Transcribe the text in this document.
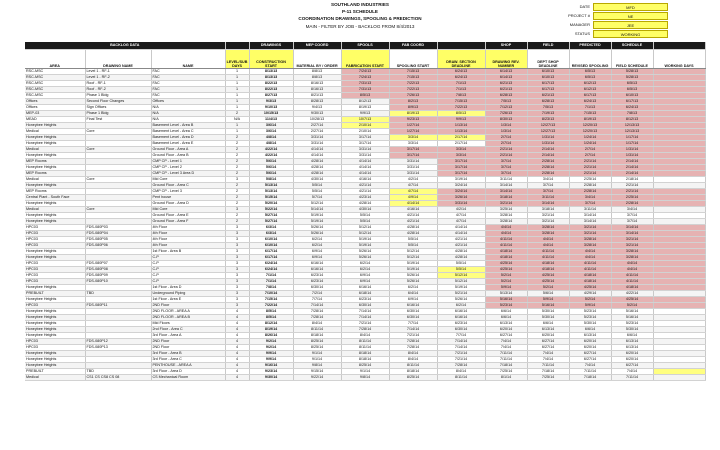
SOUTHLAND INDUSTRIES
P-11 SCHEDULE
COORDINATION DRAWINGS, SPOOLING & PREDICTION
MAIN - FILTER BY JOB - BACKLOG FROM 8/4/2013
DATE	MFD
PROJECT #	NE
MANAGER	JEE
STATUS	WORKING
BACKLOG DATA				DRAWINGS	MEP COORD	SPOOLS	FAB COORD		SHOP	FIELD	PREDICTED	SCHEDULE	
AREA	DRAWING NAME	NAME	LEVEL/SUB DAYS	CONSTRUCTION START	MATERIAL BY / ORDER	FABRICATION START	SPOOLING START	DRAW. SECTION DEADLINE	DRAWING REV. NUMBER	DEPT SHOP DEADLINE	REVISED SPOOLING	FIELD SCHEDULE	WORKING DAYS
RSC-MSC	Level 1 - RF-1	FAC	1	8/13/13	8/8/13	7/24/13	7/15/13	6/24/13	6/14/13	6/10/13	6/5/13	5/28/13	
RSC-MSC	Level 1 - RF-2	FAC	1	8/13/13	8/8/13	7/24/13	7/15/13	6/24/13	6/14/13	6/10/13	6/5/13	5/28/13	
RSC-MSC	Roof - RF-1	FAC	1	8/22/13	8/16/13	7/31/13	7/22/13	7/1/13	6/21/13	6/17/13	6/12/13	6/5/13	
RSC-MSC	Roof - RF-2	FAC	1	8/22/13	8/16/13	7/31/13	7/22/13	7/1/13	6/21/13	6/17/13	6/12/13	6/5/13	
RSC-MSC	Phase 1 Bldg	FAC	1	8/27/13	8/21/13	8/5/13	7/26/13	7/8/13	6/28/13	6/21/13	6/17/13	6/10/13	
Offices	Second Floor Changes	Offices	1	9/3/13	8/28/13	8/12/13	8/2/13	7/15/13	7/5/13	6/28/13	6/24/13	6/17/13	
Offices	Sign Offices	N/A	1	9/10/13	9/4/13	8/19/13	8/9/13	7/22/13	7/12/13	7/5/13	7/1/13	6/24/13	
MEP-03	Phase 1 Bldg	N/A	2	10/15/13	9/30/13	9/9/13	8/19/13	8/5/13	7/26/13	7/19/13	7/15/13	7/8/13	
MEAD	Final Test	N/A	N/A	11/4/13	10/28/13	10/7/13	9/23/13	9/9/13	8/30/13	8/23/13	8/19/13	8/12/13	
Honeybee Heights		Basement Level - Area B	1	3/6/14	2/27/14	2/10/14	1/27/14	1/13/14	1/3/14	12/27/13	12/20/13	12/13/13	
Medical	Core	Basement Level - Area C	1	3/6/14	2/27/14	2/10/14	1/27/14	1/13/14	1/3/14	12/27/13	12/20/13	12/13/13	
Honeybee Heights		Basement Level - Area D	2	4/8/14	3/31/14	3/17/14	3/3/14	2/17/14	2/7/14	1/31/14	1/24/14	1/17/14	
Honeybee Heights		Basement Level - Area E	2	4/8/14	3/31/14	3/17/14	3/3/14	2/17/14	2/7/14	1/31/14	1/24/14	1/17/14	
Medical	Core	Ground Floor - Area A	2	4/22/14	4/14/14	3/31/14	3/17/14	3/3/14	2/21/14	2/14/14	2/7/14	1/31/14	
Honeybee Heights		Ground Floor - Area B	2	4/22/14	4/14/14	3/31/14	3/17/14	3/3/14	2/21/14	2/14/14	2/7/14	1/31/14	
MEP Rooms		CMP CP - Level 1	2	5/6/14	4/28/14	4/14/14	3/31/14	3/17/14	3/7/14	2/28/14	2/21/14	2/14/14	
Honeybee Heights		CMP CP - Level 2	2	5/6/14	4/28/14	4/14/14	3/31/14	3/17/14	3/7/14	2/28/14	2/21/14	2/14/14	
MEP Rooms		CMP CP - Level 3 Area D	2	5/6/14	4/28/14	4/14/14	3/31/14	3/17/14	3/7/14	2/28/14	2/21/14	2/14/14	
Medical	Core	Mid Core	3	5/8/14	4/30/14	4/16/14	4/2/14	3/19/14	3/11/14	3/4/14	2/25/14	2/18/14	
Honeybee Heights		Ground Floor - Area C	2	5/13/14	5/5/14	4/21/14	4/7/14	3/24/14	3/14/14	3/7/14	2/28/14	2/21/14	
MEP Rooms		CMP CP - Level 3	2	5/13/14	5/5/14	4/21/14	4/7/14	3/24/14	3/14/14	3/7/14	2/28/14	2/21/14	
Central Plant - South Face		Pent house	2	5/15/14	5/7/14	4/23/14	4/9/14	3/26/14	3/18/14	3/11/14	3/4/14	2/25/14	
Honeybee Heights		Ground Floor - Area D	2	5/20/14	5/12/14	4/28/14	4/14/14	3/31/14	3/21/14	3/14/14	3/7/14	2/28/14	
Medical	Core	Mid Core	3	5/22/14	5/14/14	4/30/14	4/16/14	4/2/14	3/25/14	3/18/14	3/11/14	3/4/14	
Honeybee Heights		Ground Floor - Area E	2	5/27/14	5/19/14	5/5/14	4/21/14	4/7/14	3/28/14	3/21/14	3/14/14	3/7/14	
Honeybee Heights		Ground Floor - Area F	2	5/27/14	5/19/14	5/5/14	4/21/14	4/7/14	3/28/14	3/21/14	3/14/14	3/7/14	
HPC03	FDS-080P03	4th Floor	3	6/3/14	5/26/14	5/12/14	4/28/14	4/14/14	4/4/14	3/28/14	3/21/14	3/14/14	
HPC03	FDS-080P04	4th Floor	3	6/3/14	5/26/14	5/12/14	4/28/14	4/14/14	4/4/14	3/28/14	3/21/14	3/14/14	
HPC03	FDS-080P05	4th Floor	3	6/10/14	6/2/14	5/19/14	5/5/14	4/21/14	4/11/14	4/4/14	3/28/14	3/21/14	
HPC03	FDS-080P06	4th Floor	3	6/10/14	6/2/14	5/19/14	5/5/14	4/21/14	4/11/14	4/4/14	3/28/14	3/21/14	
Honeybee Heights		1st Floor - Area B	3	6/17/14	6/9/14	5/26/14	5/12/14	4/28/14	4/18/14	4/11/14	4/4/14	3/28/14	
Honeybee Heights		C-P	3	6/17/14	6/9/14	5/26/14	5/12/14	4/28/14	4/18/14	4/11/14	4/4/14	3/28/14	
HPC03	FDS-080P07	C-P	3	6/24/14	6/16/14	6/2/14	5/19/14	5/5/14	4/25/14	4/18/14	4/11/14	4/4/14	
HPC03	FDS-080P08	C-P	3	6/24/14	6/16/14	6/2/14	5/19/14	5/5/14	4/25/14	4/18/14	4/11/14	4/4/14	
HPC03	FDS-080P09	C-P	3	7/1/14	6/23/14	6/9/14	5/26/14	5/12/14	5/2/14	4/25/14	4/18/14	4/11/14	
HPC03	FDS-080P10	C-P	3	7/1/14	6/23/14	6/9/14	5/26/14	5/12/14	5/2/14	4/25/14	4/18/14	4/11/14	
Honeybee Heights		1st Floor - Area D	3	7/8/14	6/30/14	6/16/14	6/2/14	5/19/14	5/9/14	5/2/14	4/25/14	4/18/14	
PREBUILT	TBD	Underground Piping	3	7/10/14	7/2/14	6/18/14	6/4/14	5/21/14	5/13/14	5/6/14	4/29/14	4/22/14	
Honeybee Heights		1st Floor - Area E	3	7/15/14	7/7/14	6/23/14	6/9/14	5/26/14	5/16/14	5/9/14	5/2/14	4/25/14	
HPC03	FDS-080P11	2ND Floor	3	7/22/14	7/14/14	6/30/14	6/16/14	6/2/14	5/23/14	5/16/14	5/9/14	5/2/14	
Honeybee Heights		2ND FLOOR - AREA A	4	8/5/14	7/28/14	7/14/14	6/30/14	6/16/14	6/6/14	5/30/14	5/23/14	5/16/14	
Honeybee Heights		2ND FLOOR - AREA B	4	8/5/14	7/28/14	7/14/14	6/30/14	6/16/14	6/6/14	5/30/14	5/23/14	5/16/14	
Honeybee Heights		Mid Floors	4	8/12/14	8/4/14	7/21/14	7/7/14	6/23/14	6/13/14	6/6/14	5/30/14	5/23/14	
Honeybee Heights		2nd Floor - Area C	4	8/19/14	8/11/14	7/28/14	7/14/14	6/30/14	6/20/14	6/13/14	6/6/14	5/30/14	
Honeybee Heights		3rd Floor - Area A	4	8/26/14	8/18/14	8/4/14	7/21/14	7/7/14	6/27/14	6/20/14	6/13/14	6/6/14	
HPC03	FDS-080P12	2ND Floor	4	9/2/14	8/25/14	8/11/14	7/28/14	7/14/14	7/4/14	6/27/14	6/20/14	6/13/14	
HPC03	FDS-080P13	2ND Floor	4	9/2/14	8/25/14	8/11/14	7/28/14	7/14/14	7/4/14	6/27/14	6/20/14	6/13/14	
Honeybee Heights		3rd Floor - Area B	4	9/9/14	9/1/14	8/18/14	8/4/14	7/21/14	7/11/14	7/4/14	6/27/14	6/20/14	
Honeybee Heights		3rd Floor - Area C	4	9/9/14	9/1/14	8/18/14	8/4/14	7/21/14	7/11/14	7/4/14	6/27/14	6/20/14	
Honeybee Heights		PENTHOUSE - AREA A	4	9/16/14	9/8/14	8/25/14	8/11/14	7/28/14	7/18/14	7/11/14	7/4/14	6/27/14	
PREBUILT	TBD	3rd Floor - Area D	4	9/23/14	9/15/14	9/1/14	8/18/14	8/4/14	7/25/14	7/18/14	7/11/14	7/4/14	
Medical	CS1 CS CS8 CS 08	CS Mechanical Room	4	9/30/14	9/22/14	9/8/14	8/25/14	8/11/14	8/1/14	7/25/14	7/18/14	7/11/14	
